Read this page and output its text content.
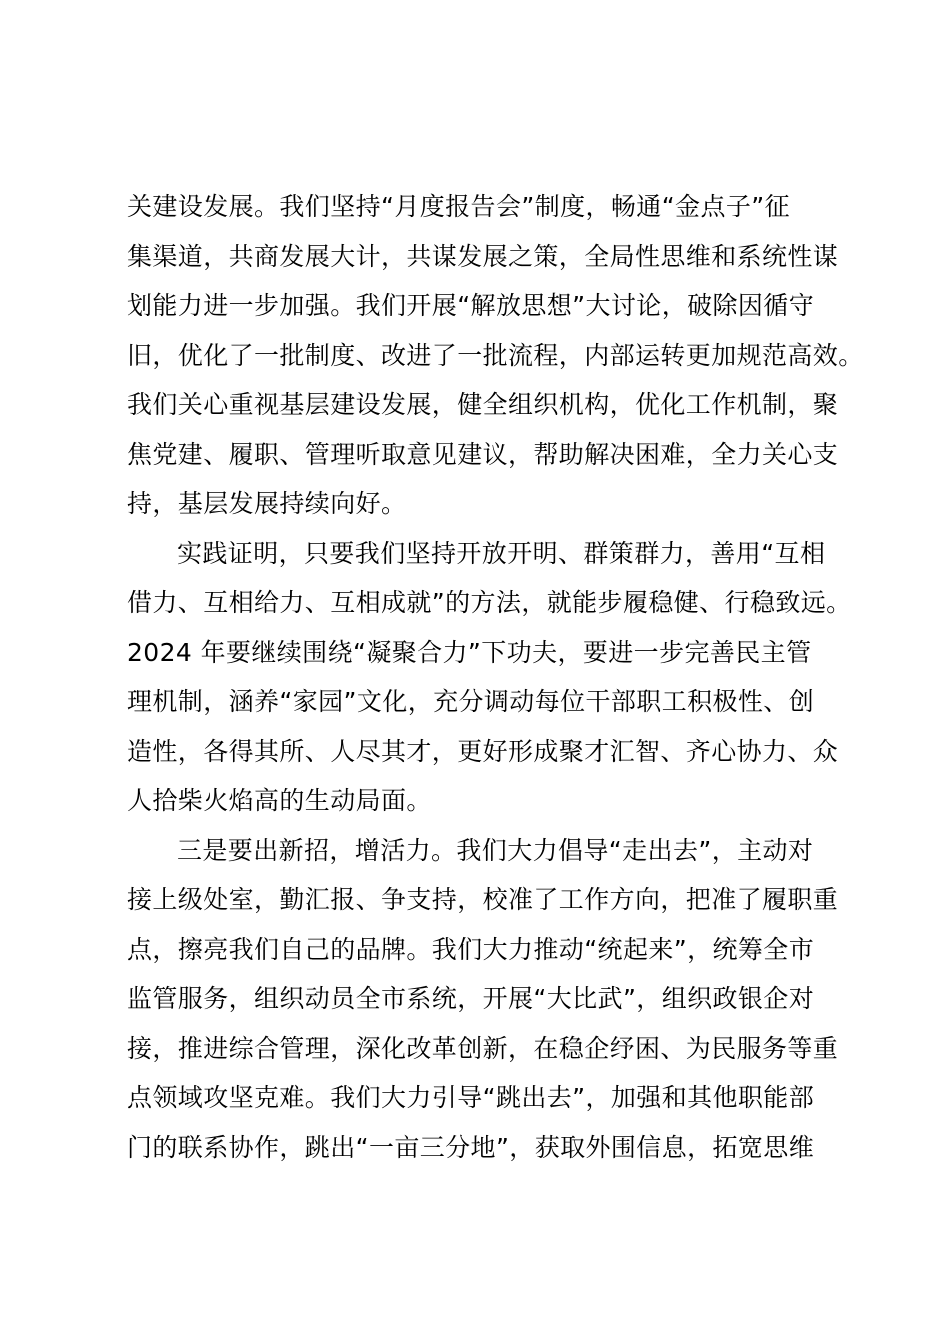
关建设发展。我们坚持“月度报告会”制度，畅通“金点子”征
集渠道，共商发展大计，共谋发展之策，全局性思维和系统性谋
划能力进一步加强。我们开展“解放思想”大讨论，破除因循守
旧，优化了一批制度、改进了一批流程，内部运转更加规范高效。
我们关心重视基层建设发展，健全组织机构，优化工作机制，聚
焦党建、履职、管理听取意见建议，帮助解决困难，全力关心支
持，基层发展持续向好。
实践证明，只要我们坚持开放开明、群策群力，善用“互相
借力、互相给力、互相成就”的方法，就能步履稳健、行稳致远。
2024 年要继续围绕“凝聚合力”下功夫，要进一步完善民主管
理机制，涵养“家园”文化，充分调动每位干部职工积极性、创
造性，各得其所、人尽其才，更好形成聚才汇智、齐心协力、众
人拾柴火焰高的生动局面。
三是要出新招，增活力。我们大力倡导“走出去”，主动对
接上级处室，勤汇报、争支持，校准了工作方向，把准了履职重
点，擦亮我们自己的品牌。我们大力推动“统起来”，统筹全市
监管服务，组织动员全市系统，开展“大比武”，组织政银企对
接，推进综合管理，深化改革创新，在稳企纾困、为民服务等重
点领域攻坚克难。我们大力引导“跳出去”，加强和其他职能部
门的联系协作，跳出“一亩三分地”，获取外围信息，拓宽思维
